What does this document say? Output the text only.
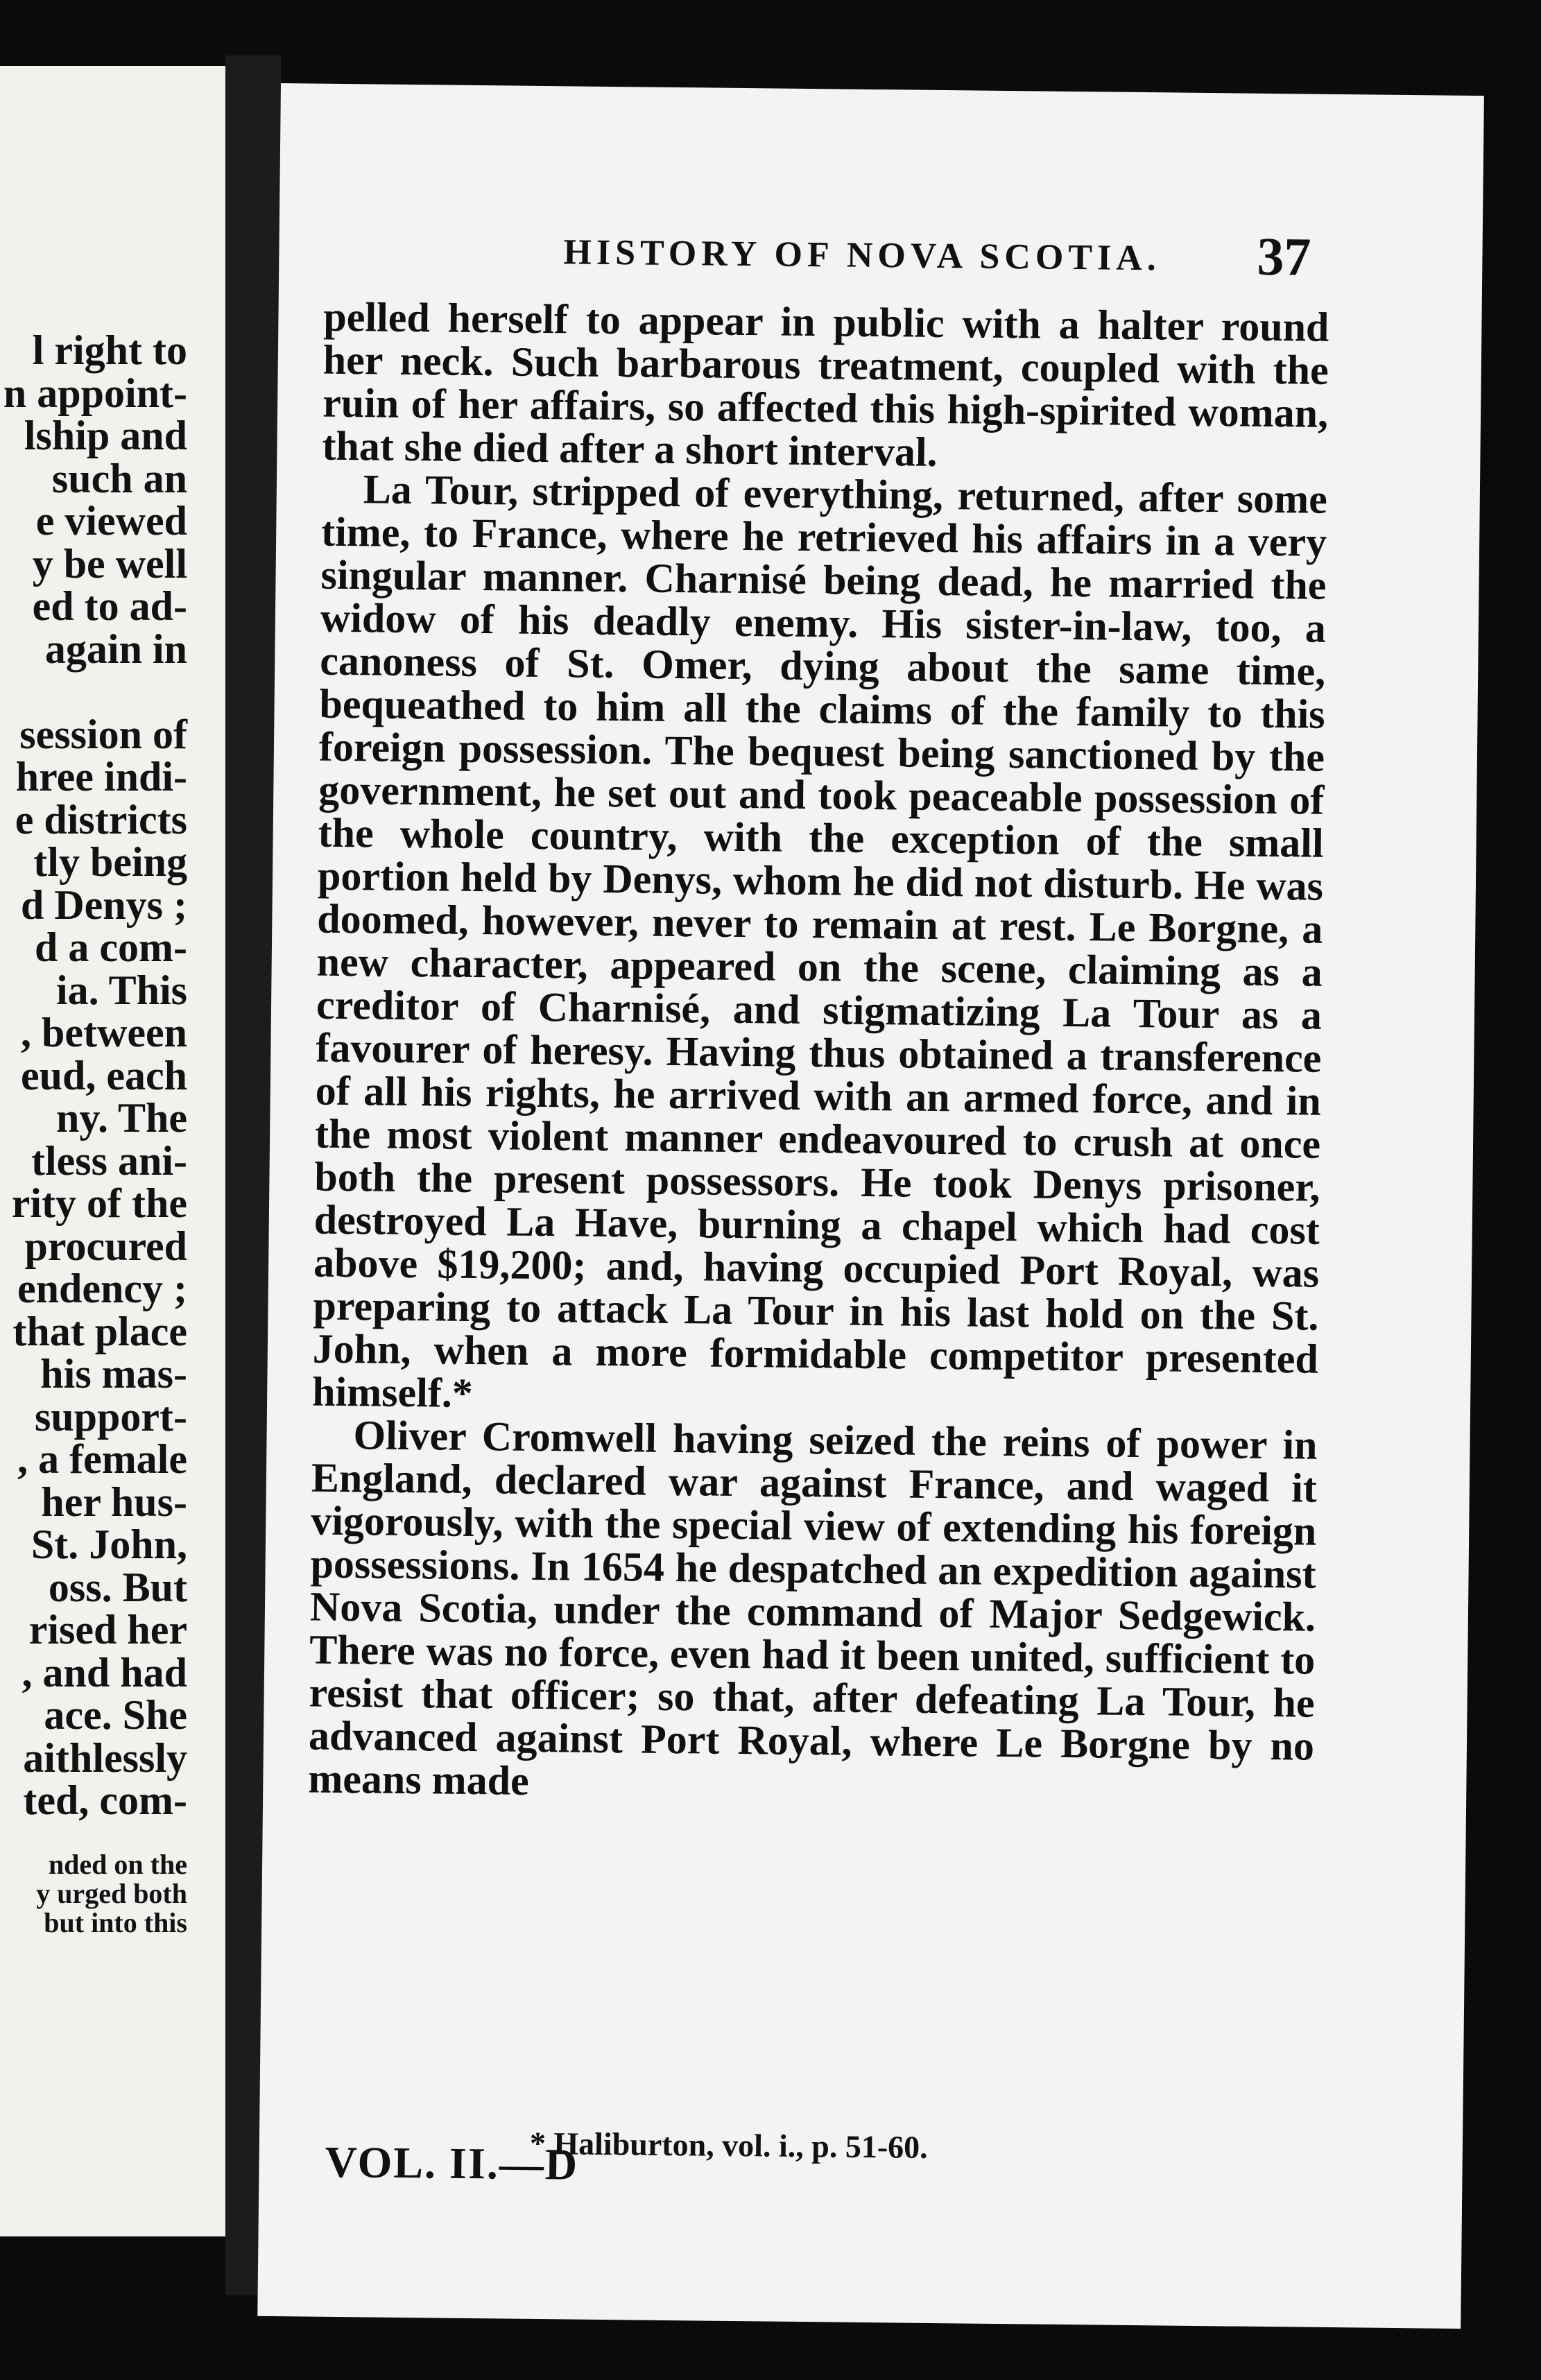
l right to
n appoint-
lship and
such an
e viewed
y be well
ed to ad-
again in

session of
hree indi-
e districts
tly being
d Denys ;
d a com-
ia. This
, between
eud, each
ny. The
tless ani-
rity of the
procured
endency ;
that place
his mas-
support-
, a female
her hus-
St. John,
oss. But
rised her
, and had
ace. She
aithlessly
ted, com-
nded on the
y urged both
but into this
HISTORY OF NOVA SCOTIA.	37

pelled herself to appear in public with a halter round her neck. Such barbarous treatment, coupled with the ruin of her affairs, so affected this high-spirited woman, that she died after a short interval.

La Tour, stripped of everything, returned, after some time, to France, where he retrieved his affairs in a very singular manner. Charnisé being dead, he married the widow of his deadly enemy. His sister-in-law, too, a canoness of St. Omer, dying about the same time, bequeathed to him all the claims of the family to this foreign possession. The bequest being sanctioned by the government, he set out and took peaceable possession of the whole country, with the exception of the small portion held by Denys, whom he did not disturb. He was doomed, however, never to remain at rest. Le Borgne, a new character, appeared on the scene, claiming as a creditor of Charnisé, and stigmatizing La Tour as a favourer of heresy. Having thus obtained a transference of all his rights, he arrived with an armed force, and in the most violent manner endeavoured to crush at once both the present possessors. He took Denys prisoner, destroyed La Have, burning a chapel which had cost above $19,200; and, having occupied Port Royal, was preparing to attack La Tour in his last hold on the St. John, when a more formidable competitor presented himself.*

Oliver Cromwell having seized the reins of power in England, declared war against France, and waged it vigorously, with the special view of extending his foreign possessions. In 1654 he despatched an expedition against Nova Scotia, under the command of Major Sedgewick. There was no force, even had it been united, sufficient to resist that officer; so that, after defeating La Tour, he advanced against Port Royal, where Le Borgne by no means made

VOL. II.—D
* Haliburton, vol. i., p. 51-60.
